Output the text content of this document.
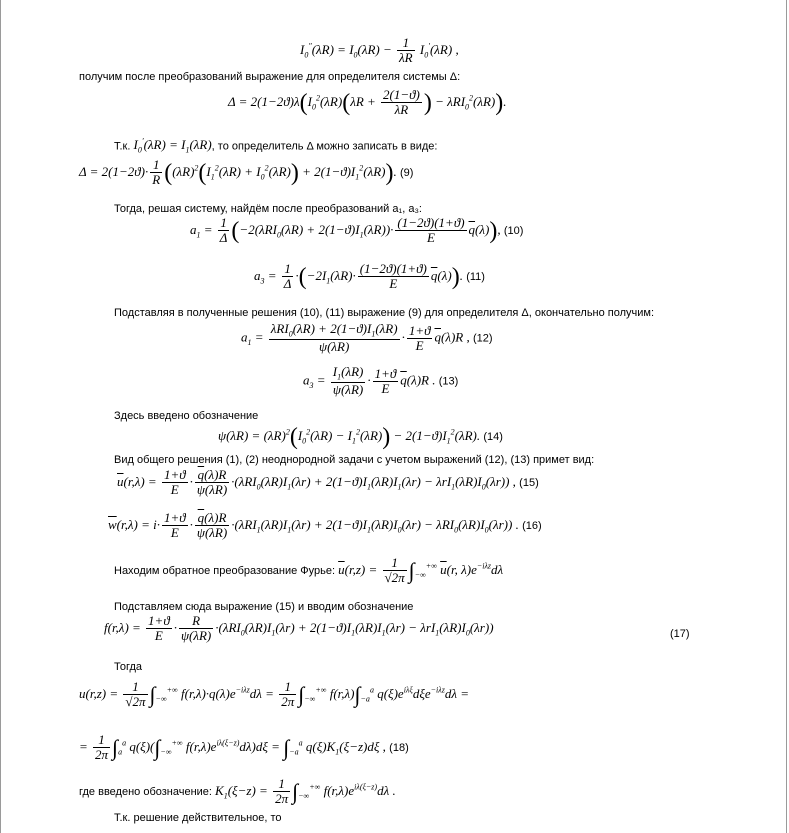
$I_0''(\lambda R) = I_0(\lambda R) - \frac{1}{\lambda R} I_0'(\lambda R)$ ,
получим после преобразований выражение для определителя системы Δ:
$\Delta = 2(1-2ϑ)\lambda(I_0^2(\lambda R)(\lambda R + \frac{2(1-ϑ)}{\lambda R}$ ) − λRI$_0^2$(λR)).
Т.к. $I_0'(\lambda R) = I_1(\lambda R)$, то определитель Δ можно записать в виде:
$\Delta = 2(1-2ϑ)\cdot \frac{1}{R} ((\lambda R)^2(I_1^2(\lambda R) + I_0^2(\lambda R)) + 2(1-ϑ)I_1^2(\lambda R))$. (9)
Тогда, решая систему, найдём после преобразований a₁, a₃:
$a_1 = \frac{1}{\Delta} (-2(\lambda RI_0(\lambda R) + 2(1-ϑ)I_1(\lambda R))\cdot \frac{(1-2ϑ)(1+ϑ)}{E} \overline{q}(\lambda))$, (10)
$a_3 = \frac{1}{\Delta} \cdot(-2I_1(\lambda R)\cdot \frac{(1-2ϑ)(1+ϑ)}{E} \overline{q}(\lambda))$. (11)
Подставляя в полученные решения (10), (11) выражение (9) для определителя Δ, окончательно получим:
$a_1 = \frac{\lambda RI_0(\lambda R) + 2(1-ϑ)I_1(\lambda R)}{\psi(\lambda R)} \cdot \frac{1+ϑ}{E} \overline{q}(\lambda)R$ , (12)
$a_3 = \frac{I_1(\lambda R)}{\psi(\lambda R)} \cdot \frac{1+ϑ}{E} \overline{q}(\lambda)R$ . (13)
Здесь введено обозначение
$\psi(\lambda R) = (\lambda R)^2(I_0^2(\lambda R) - I_1^2(\lambda R)) - 2(1-ϑ)I_1^2(\lambda R)$. (14)
Вид общего решения (1), (2) неоднородной задачи с учетом выражений (12), (13) примет вид:
$\overline{u}(r,\lambda) = \frac{1+ϑ}{E} \cdot \frac{\overline{q}(\lambda)R}{\psi(\lambda R)} \cdot(\lambda RI_0(\lambda R)I_1(\lambda r) + 2(1-ϑ)I_1(\lambda R)I_1(\lambda r) - \lambda rI_1(\lambda R)I_0(\lambda r))$ , (15)
$\overline{w}(r,\lambda) = i\cdot \frac{1+ϑ}{E} \cdot \frac{\overline{q}(\lambda)R}{\psi(\lambda R)} \cdot(\lambda RI_1(\lambda R)I_1(\lambda r) + 2(1-ϑ)I_1(\lambda R)I_0(\lambda r) - \lambda RI_0(\lambda R)I_0(\lambda r))$ . (16)
Находим обратное преобразование Фурье: $\overline{u}(r,z) = \frac{1}{√2\pi} \int_{-\infty}^{+\infty}$ $\overline{u}(r$, $\lambda)e^{-i\lambda z}d\lambda$
Подставляем сюда выражение (15) и вводим обозначение
$f(r,\lambda) = \frac{1+ϑ}{E} \cdot \frac{R}{\psi(\lambda R)} \cdot(\lambda RI_0(\lambda R)I_1(\lambda r) + 2(1-ϑ)I_1(\lambda R)I_1(\lambda r) - \lambda rI_1(\lambda R)I_0(\lambda r))$	(17)
Тогда
$u(r,z) = \frac{1}{√2\pi} \int_{-\infty}^{+\infty}$ $f(r,\lambda)\cdot q(\lambda)e^{-i\lambda z}d\lambda = \frac{1}{2\pi} \int_{-\infty}^{+\infty}$ $f(r,\lambda)\int_{-a}^a$ $q(\xi)e^{i\lambda\xi}d\xi e^{-i\lambda z}d\lambda$ =
= $\frac{1}{2\pi} \int_a^a$ $q(\xi)(\int_{-\infty}^{+\infty}$ $f(r,\lambda)e^{i\lambda(\xi-z)}d\lambda)d\xi = \int_{-a}^a$ $q(\xi)K_1(\xi-z)d\xi$ , (18)
где введено обозначение: $K_1(\xi-z) = \frac{1}{2\pi} \int_{-\infty}^{+\infty}$ $f(r,\lambda)e^{i\lambda(\xi-z)}d\lambda$ .
Т.к. решение действительное, то
